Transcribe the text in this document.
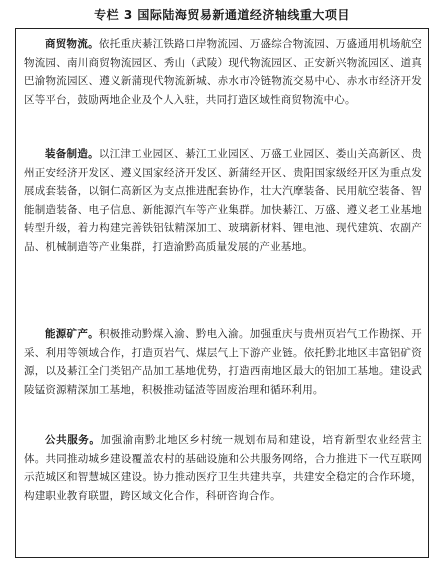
专栏 3 国际陆海贸易新通道经济轴线重大项目
商贸物流。依托重庆綦江铁路口岸物流园、万盛综合物流园、万盛通用机场航空物流园、南川商贸物流园区、秀山（武陵）现代物流园区、正安新兴物流园区、道真巴渝物流园区、遵义新蒲现代物流新城、赤水市冷链物流交易中心、赤水市经济开发区等平台，鼓励两地企业及个人入驻，共同打造区域性商贸物流中心。
装备制造。以江津工业园区、綦江工业园区、万盛工业园区、娄山关高新区、贵州正安经济开发区、遵义国家经济开发区、新蒲经开区、贵阳国家级经开区为重点发展成套装备，以铜仁高新区为支点推进配套协作，壮大汽摩装备、民用航空装备、智能制造装备、电子信息、新能源汽车等产业集群。加快綦江、万盛、遵义老工业基地转型升级，着力构建完善铁铝钛精深加工、玻璃新材料、锂电池、现代建筑、农副产品、机械制造等产业集群，打造渝黔高质量发展的产业基地。
能源矿产。积极推动黔煤入渝、黔电入渝。加强重庆与贵州页岩气工作勘探、开采、利用等领域合作，打造页岩气、煤层气上下游产业链。依托黔北地区丰富铝矿资源，以及綦江全门类铝产品加工基地优势，打造西南地区最大的铝加工基地。建设武陵锰资源精深加工基地，积极推动锰渣等固废治理和循环利用。
公共服务。加强渝南黔北地区乡村统一规划布局和建设，培育新型农业经营主体。共同推动城乡建设覆盖农村的基础设施和公共服务网络，合力推进下一代互联网示范城区和智慧城区建设。协力推动医疗卫生共建共享，共建安全稳定的合作环境，构建职业教育联盟，跨区域文化合作，科研咨询合作。
